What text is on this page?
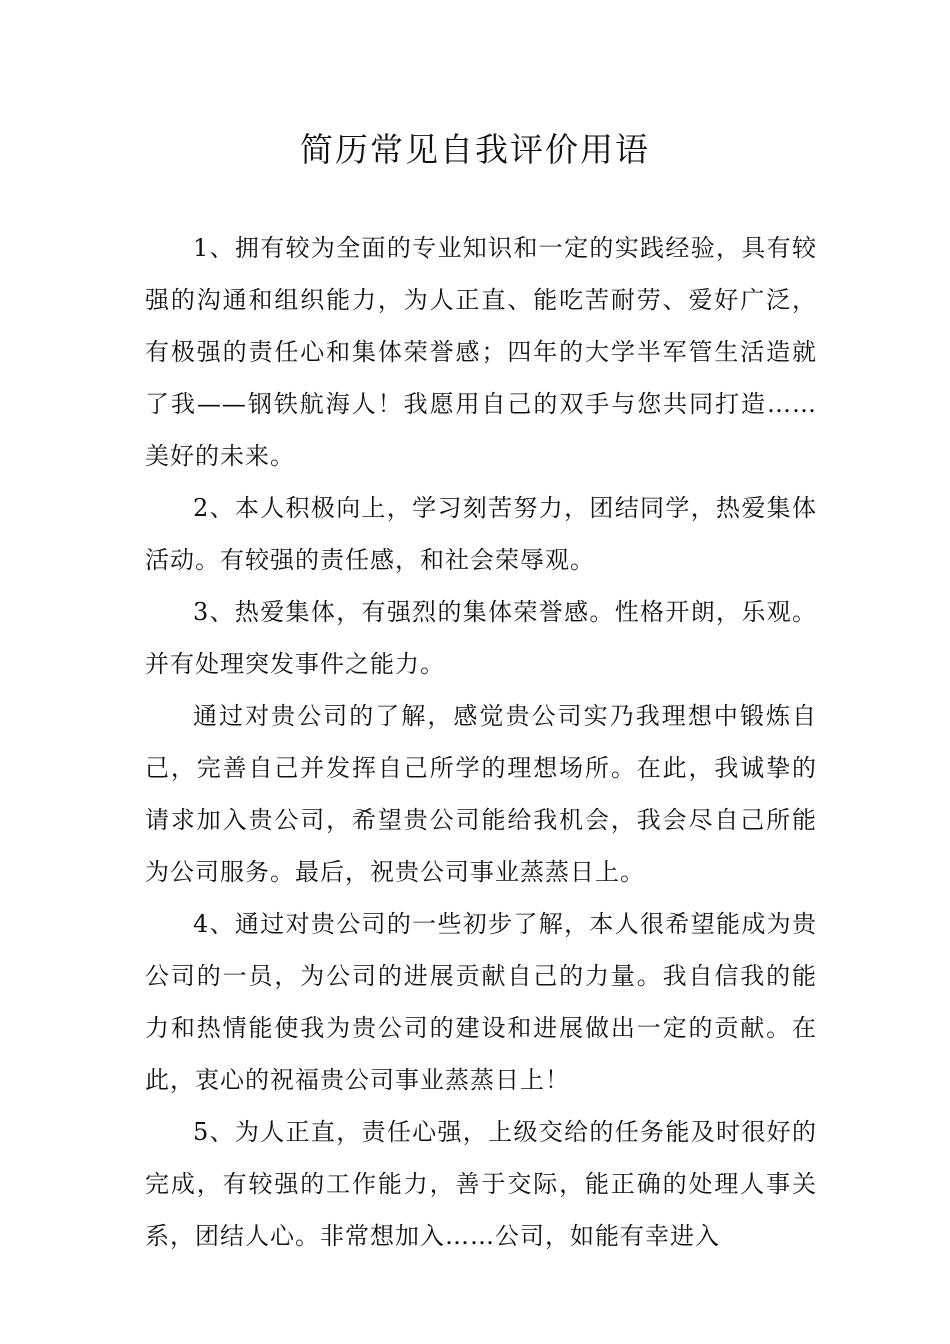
简历常见自我评价用语

1、拥有较为全面的专业知识和一定的实践经验，具有较强的沟通和组织能力，为人正直、能吃苦耐劳、爱好广泛，有极强的责任心和集体荣誉感；四年的大学半军管生活造就了我——钢铁航海人！我愿用自己的双手与您共同打造……美好的未来。

2、本人积极向上，学习刻苦努力，团结同学，热爱集体活动。有较强的责任感，和社会荣辱观。

3、热爱集体，有强烈的集体荣誉感。性格开朗，乐观。并有处理突发事件之能力。

通过对贵公司的了解，感觉贵公司实乃我理想中锻炼自己，完善自己并发挥自己所学的理想场所。在此，我诚挚的请求加入贵公司，希望贵公司能给我机会，我会尽自己所能为公司服务。最后，祝贵公司事业蒸蒸日上。

4、通过对贵公司的一些初步了解，本人很希望能成为贵公司的一员，为公司的进展贡献自己的力量。我自信我的能力和热情能使我为贵公司的建设和进展做出一定的贡献。在此，衷心的祝福贵公司事业蒸蒸日上！

5、为人正直，责任心强，上级交给的任务能及时很好的完成，有较强的工作能力，善于交际，能正确的处理人事关系，团结人心。非常想加入……公司，如能有幸进入
